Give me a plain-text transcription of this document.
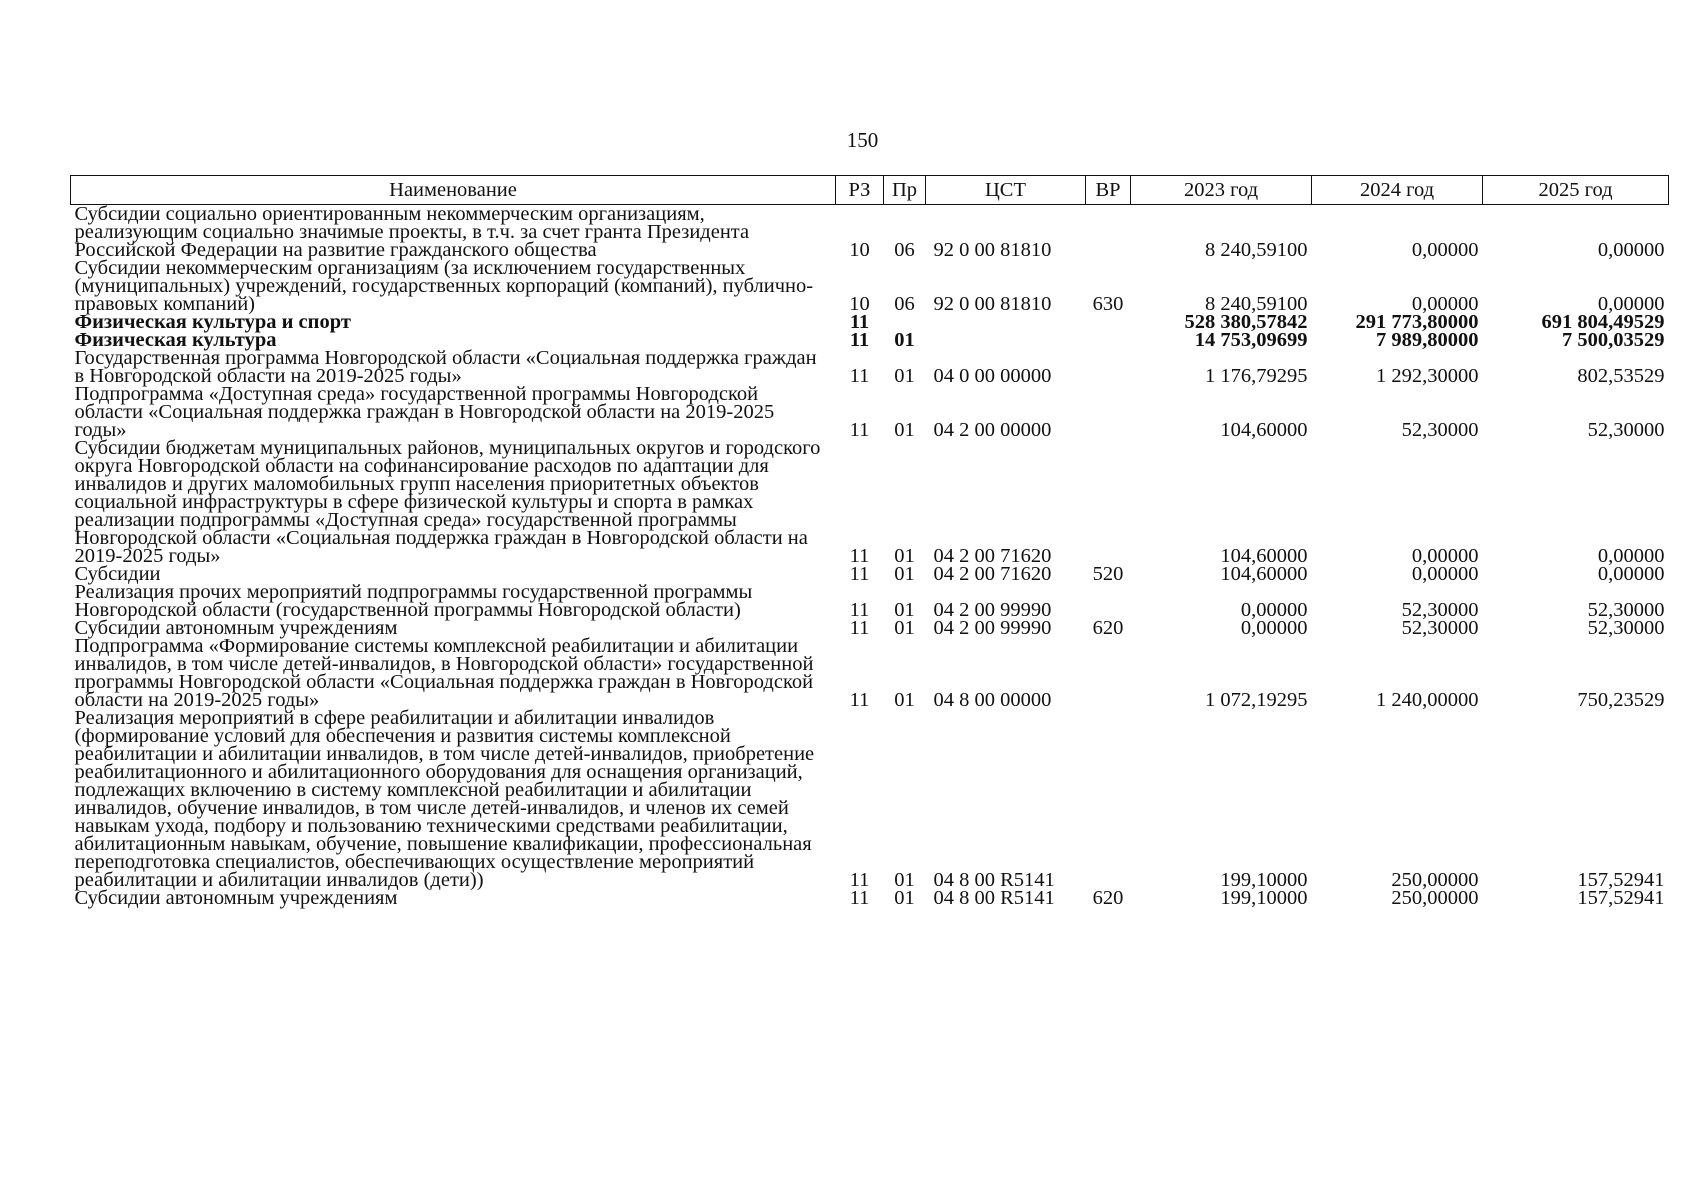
150
Наименование	РЗ	Пр	ЦСТ	ВР	2023 год	2024 год	2025 год
Субсидии социально ориентированным некоммерческим организациям, реализующим социально значимые проекты, в т.ч. за счет гранта Президента Российской Федерации на развитие гражданского общества	10	06	92 0 00 81810		8 240,59100	0,00000	0,00000
Субсидии некоммерческим организациям (за исключением государственных (муниципальных) учреждений, государственных корпораций (компаний), публично-правовых компаний)	10	06	92 0 00 81810	630	8 240,59100	0,00000	0,00000
Физическая культура и спорт	11				528 380,57842	291 773,80000	691 804,49529
Физическая культура	11	01			14 753,09699	7 989,80000	7 500,03529
Государственная программа Новгородской области «Социальная поддержка граждан в Новгородской области на 2019-2025 годы»	11	01	04 0 00 00000		1 176,79295	1 292,30000	802,53529
Подпрограмма «Доступная среда» государственной программы Новгородской области «Социальная поддержка граждан в Новгородской области на 2019-2025 годы»	11	01	04 2 00 00000		104,60000	52,30000	52,30000
Субсидии бюджетам муниципальных районов, муниципальных округов и городского округа Новгородской области на софинансирование расходов по адаптации для инвалидов и других маломобильных групп населения приоритетных объектов социальной инфраструктуры в сфере физической культуры и спорта в рамках реализации подпрограммы «Доступная среда» государственной программы Новгородской области «Социальная поддержка граждан в Новгородской области на 2019-2025 годы»	11	01	04 2 00 71620		104,60000	0,00000	0,00000
Субсидии	11	01	04 2 00 71620	520	104,60000	0,00000	0,00000
Реализация прочих мероприятий подпрограммы государственной программы Новгородской области (государственной программы Новгородской области)	11	01	04 2 00 99990		0,00000	52,30000	52,30000
Субсидии автономным учреждениям	11	01	04 2 00 99990	620	0,00000	52,30000	52,30000
Подпрограмма «Формирование системы комплексной реабилитации и абилитации инвалидов, в том числе детей-инвалидов, в Новгородской области» государственной программы Новгородской области «Социальная поддержка граждан в Новгородской области на 2019-2025 годы»	11	01	04 8 00 00000		1 072,19295	1 240,00000	750,23529
Реализация мероприятий в сфере реабилитации и абилитации инвалидов (формирование условий для обеспечения и развития системы комплексной реабилитации и абилитации инвалидов, в том числе детей-инвалидов, приобретение реабилитационного и абилитационного оборудования для оснащения организаций, подлежащих включению в систему комплексной реабилитации и абилитации инвалидов, обучение инвалидов, в том числе детей-инвалидов, и членов их семей навыкам ухода, подбору и пользованию техническими средствами реабилитации, абилитационным навыкам, обучение, повышение квалификации, профессиональная переподготовка специалистов, обеспечивающих осуществление мероприятий реабилитации и абилитации инвалидов (дети))	11	01	04 8 00 R5141		199,10000	250,00000	157,52941
Субсидии автономным учреждениям	11	01	04 8 00 R5141	620	199,10000	250,00000	157,52941
